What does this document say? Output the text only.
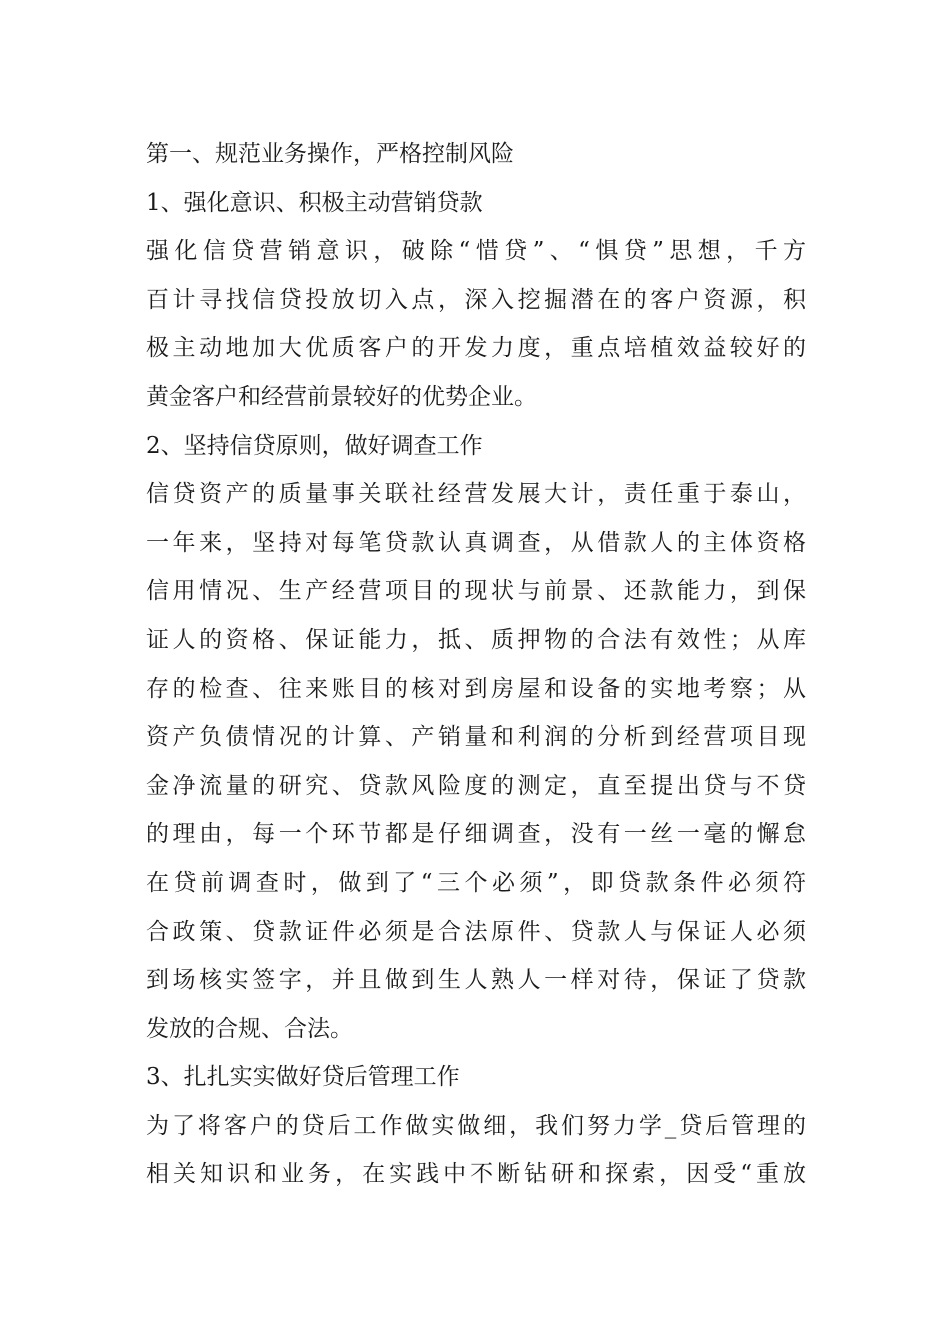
第一、规范业务操作，严格控制风险
1、强化意识、积极主动营销贷款
强化信贷营销意识，破除“惜贷”、“惧贷”思想，千方
百计寻找信贷投放切入点，深入挖掘潜在的客户资源，积
极主动地加大优质客户的开发力度，重点培植效益较好的
黄金客户和经营前景较好的优势企业。
2、坚持信贷原则，做好调查工作
信贷资产的质量事关联社经营发展大计，责任重于泰山，
一年来，坚持对每笔贷款认真调查，从借款人的主体资格
信用情况、生产经营项目的现状与前景、还款能力，到保
证人的资格、保证能力，抵、质押物的合法有效性；从库
存的检查、往来账目的核对到房屋和设备的实地考察；从
资产负债情况的计算、产销量和利润的分析到经营项目现
金净流量的研究、贷款风险度的测定，直至提出贷与不贷
的理由，每一个环节都是仔细调查，没有一丝一毫的懈怠
在贷前调查时，做到了“三个必须”，即贷款条件必须符
合政策、贷款证件必须是合法原件、贷款人与保证人必须
到场核实签字，并且做到生人熟人一样对待，保证了贷款
发放的合规、合法。
3、扎扎实实做好贷后管理工作
为了将客户的贷后工作做实做细，我们努力学_贷后管理的
相关知识和业务，在实践中不断钻研和探索，因受“重放
